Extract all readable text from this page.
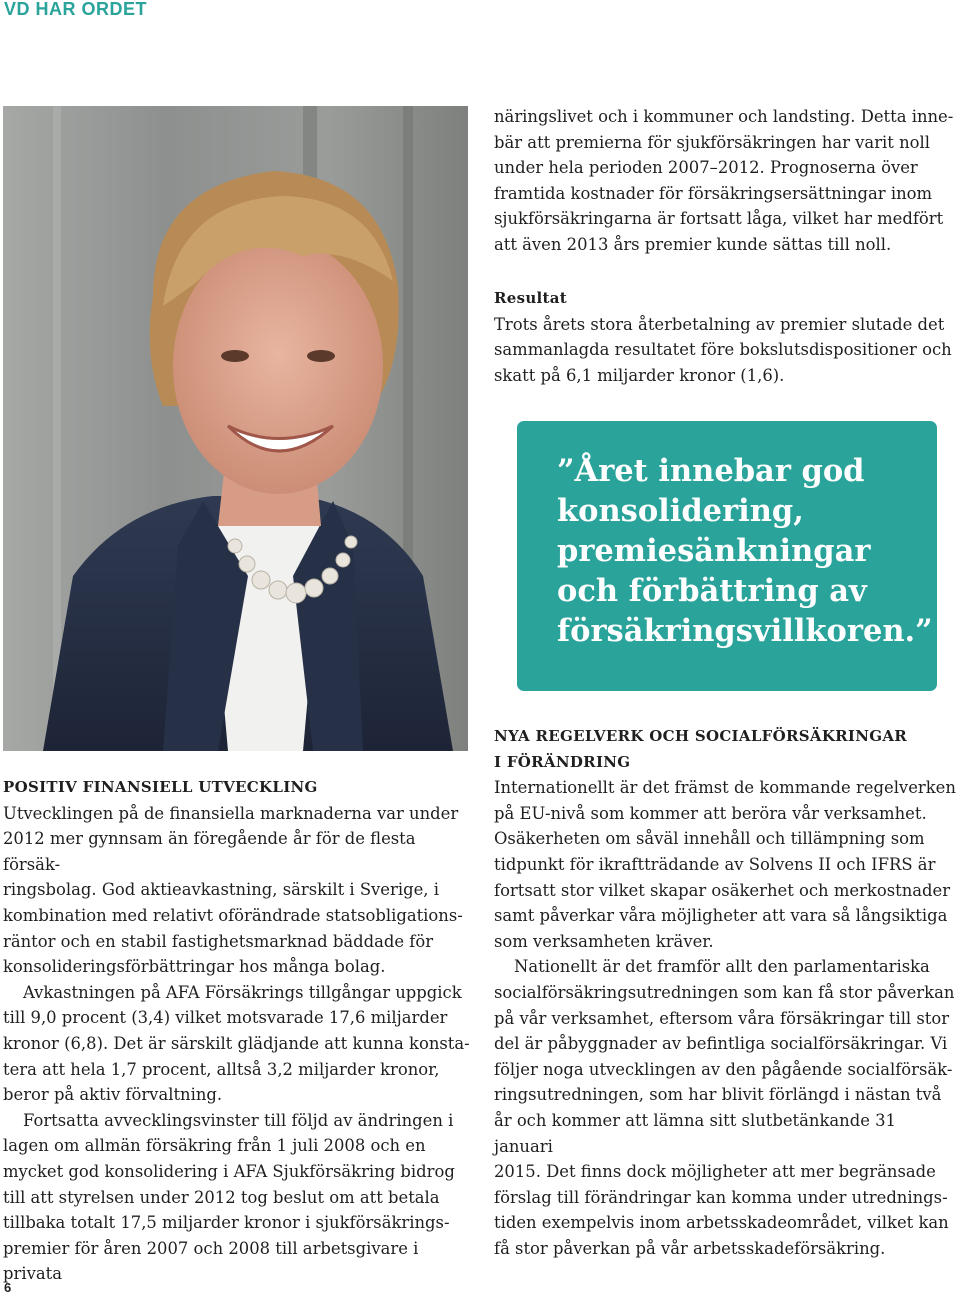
VD HAR ORDET

näringslivet och i kommuner och landsting. Detta inne-

bär att premierna för sjukförsäkringen har varit noll

under hela perioden 2007–2012. Prognoserna över

framtida kostnader för försäkringsersättningar inom

sjukförsäkringarna är fortsatt låga, vilket har medfört

att även 2013 års premier kunde sättas till noll.

Resultat

Trots årets stora återbetalning av premier slutade det

sammanlagda resultatet före bokslutsdispositioner och

skatt på 6,1 miljarder kronor (1,6).

”Året innebar god
konsolidering,
premiesänkningar
och förbättring av
försäkringsvillkoren.”

POSITIV FINANSIELL UTVECKLING

Utvecklingen på de finansiella marknaderna var under

2012 mer gynnsam än föregående år för de flesta försäk-

ringsbolag. God aktieavkastning, särskilt i Sverige, i

kombination med relativt oförändrade statsobligations-

räntor och en stabil fastighetsmarknad bäddade för

konsolideringsförbättringar hos många bolag.

Avkastningen på AFA Försäkrings tillgångar uppgick

till 9,0 procent (3,4) vilket motsvarade 17,6 miljarder

kronor (6,8). Det är särskilt glädjande att kunna konsta-

tera att hela 1,7 procent, alltså 3,2 miljarder kronor,

beror på aktiv förvaltning.

Fortsatta avvecklingsvinster till följd av ändringen i

lagen om allmän försäkring från 1 juli 2008 och en

mycket god konsolidering i AFA Sjukförsäkring bidrog

till att styrelsen under 2012 tog beslut om att betala

tillbaka totalt 17,5 miljarder kronor i sjukförsäkrings-

premier för åren 2007 och 2008 till arbetsgivare i privata

NYA REGELVERK OCH SOCIALFÖRSÄKRINGAR

I FÖRÄNDRING

Internationellt är det främst de kommande regelverken

på EU-nivå som kommer att beröra vår verksamhet.

Osäkerheten om såväl innehåll och tillämpning som

tidpunkt för ikraftträdande av Solvens II och IFRS är

fortsatt stor vilket skapar osäkerhet och merkostnader

samt påverkar våra möjligheter att vara så långsiktiga

som verksamheten kräver.

Nationellt är det framför allt den parlamentariska

socialförsäkringsutredningen som kan få stor påverkan

på vår verksamhet, eftersom våra försäkringar till stor

del är påbyggnader av befintliga socialförsäkringar. Vi

följer noga utvecklingen av den pågående socialförsäk-

ringsutredningen, som har blivit förlängd i nästan två

år och kommer att lämna sitt slutbetänkande 31 januari

2015. Det finns dock möjligheter att mer begränsade

förslag till förändringar kan komma under utrednings-

tiden exempelvis inom arbetsskadeområdet, vilket kan

få stor påverkan på vår arbetsskadeförsäkring.

6
